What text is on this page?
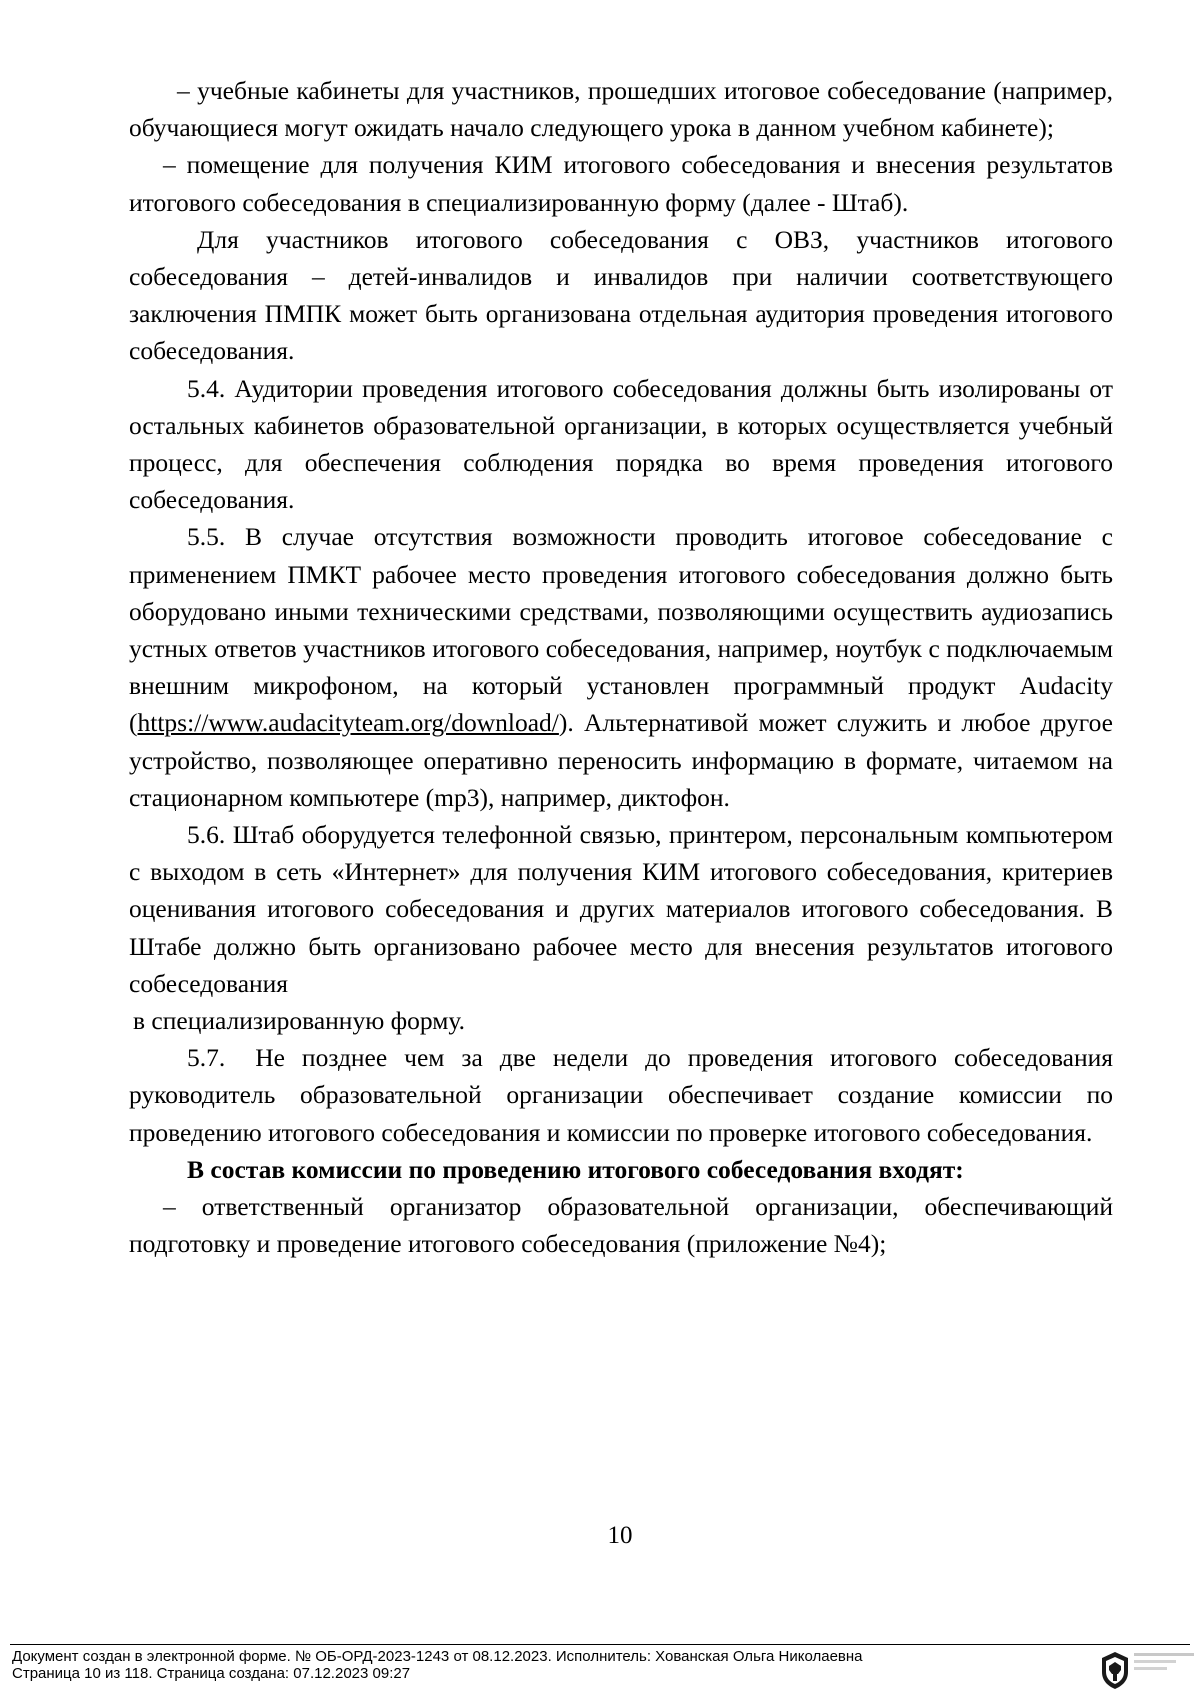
– учебные кабинеты для участников, прошедших итоговое собеседование (например, обучающиеся могут ожидать начало следующего урока в данном учебном кабинете);

– помещение для получения КИМ итогового собеседования и внесения результатов итогового собеседования в специализированную форму (далее - Штаб).

Для участников итогового собеседования с ОВЗ, участников итогового собеседования – детей-инвалидов и инвалидов при наличии соответствующего заключения ПМПК может быть организована отдельная аудитория проведения итогового собеседования.

5.4. Аудитории проведения итогового собеседования должны быть изолированы от остальных кабинетов образовательной организации, в которых осуществляется учебный процесс, для обеспечения соблюдения порядка во время проведения итогового собеседования.

5.5. В случае отсутствия возможности проводить итоговое собеседование с применением ПМКТ рабочее место проведения итогового собеседования должно быть оборудовано иными техническими средствами, позволяющими осуществить аудиозапись устных ответов участников итогового собеседования, например, ноутбук с подключаемым внешним микрофоном, на который установлен программный продукт Audacity (https://www.audacityteam.org/download/). Альтернативой может служить и любое другое устройство, позволяющее оперативно переносить информацию в формате, читаемом на стационарном компьютере (mp3), например, диктофон.

5.6. Штаб оборудуется телефонной связью, принтером, персональным компьютером с выходом в сеть «Интернет» для получения КИМ итогового собеседования, критериев оценивания итогового собеседования и других материалов итогового собеседования. В Штабе должно быть организовано рабочее место для внесения результатов итогового собеседования

в специализированную форму.

5.7. Не позднее чем за две недели до проведения итогового собеседования руководитель образовательной организации обеспечивает создание комиссии по проведению итогового собеседования и комиссии по проверке итогового собеседования.

В состав комиссии по проведению итогового собеседования входят:

– ответственный организатор образовательной организации, обеспечивающий подготовку и проведение итогового собеседования (приложение №4);

10
Документ создан в электронной форме. № ОБ-ОРД-2023-1243 от 08.12.2023. Исполнитель: Хованская Ольга Николаевна
Страница 10 из 118. Страница создана: 07.12.2023 09:27
